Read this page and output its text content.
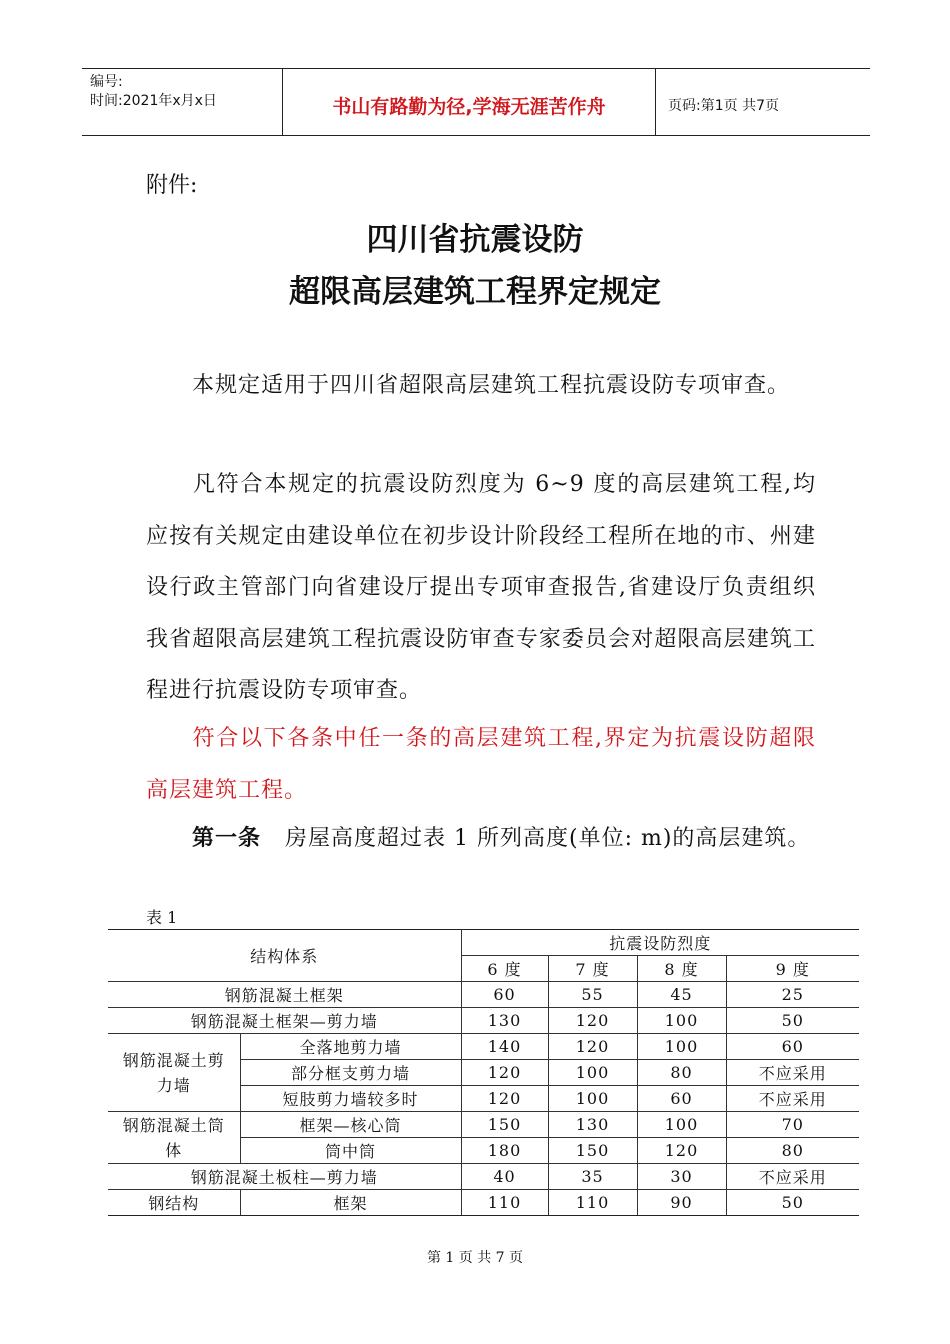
编号:
时间:2021年x月x日	书山有路勤为径,学海无涯苦作舟	页码:第1页 共7页
附件:
四川省抗震设防
超限高层建筑工程界定规定
本规定适用于四川省超限高层建筑工程抗震设防专项审查。
凡符合本规定的抗震设防烈度为 6~9 度的高层建筑工程,均应按有关规定由建设单位在初步设计阶段经工程所在地的市、州建设行政主管部门向省建设厅提出专项审查报告,省建设厅负责组织我省超限高层建筑工程抗震设防审查专家委员会对超限高层建筑工程进行抗震设防专项审查。
符合以下各条中任一条的高层建筑工程,界定为抗震设防超限高层建筑工程。
第一条 房屋高度超过表 1 所列高度(单位: m)的高层建筑。
表 1
结构体系		抗震设防烈度			
		6 度	7 度	8 度	9 度
钢筋混凝土框架		60	55	45	25
钢筋混凝土框架—剪力墙		130	120	100	50
钢筋混凝土剪力墙	全落地剪力墙	140	120	100	60
	部分框支剪力墙	120	100	80	不应采用
	短肢剪力墙较多时	120	100	60	不应采用
钢筋混凝土筒体	框架—核心筒	150	130	100	70
	筒中筒	180	150	120	80
钢筋混凝土板柱—剪力墙		40	35	30	不应采用
钢结构	框架	110	110	90	50
第 1 页 共 7 页
